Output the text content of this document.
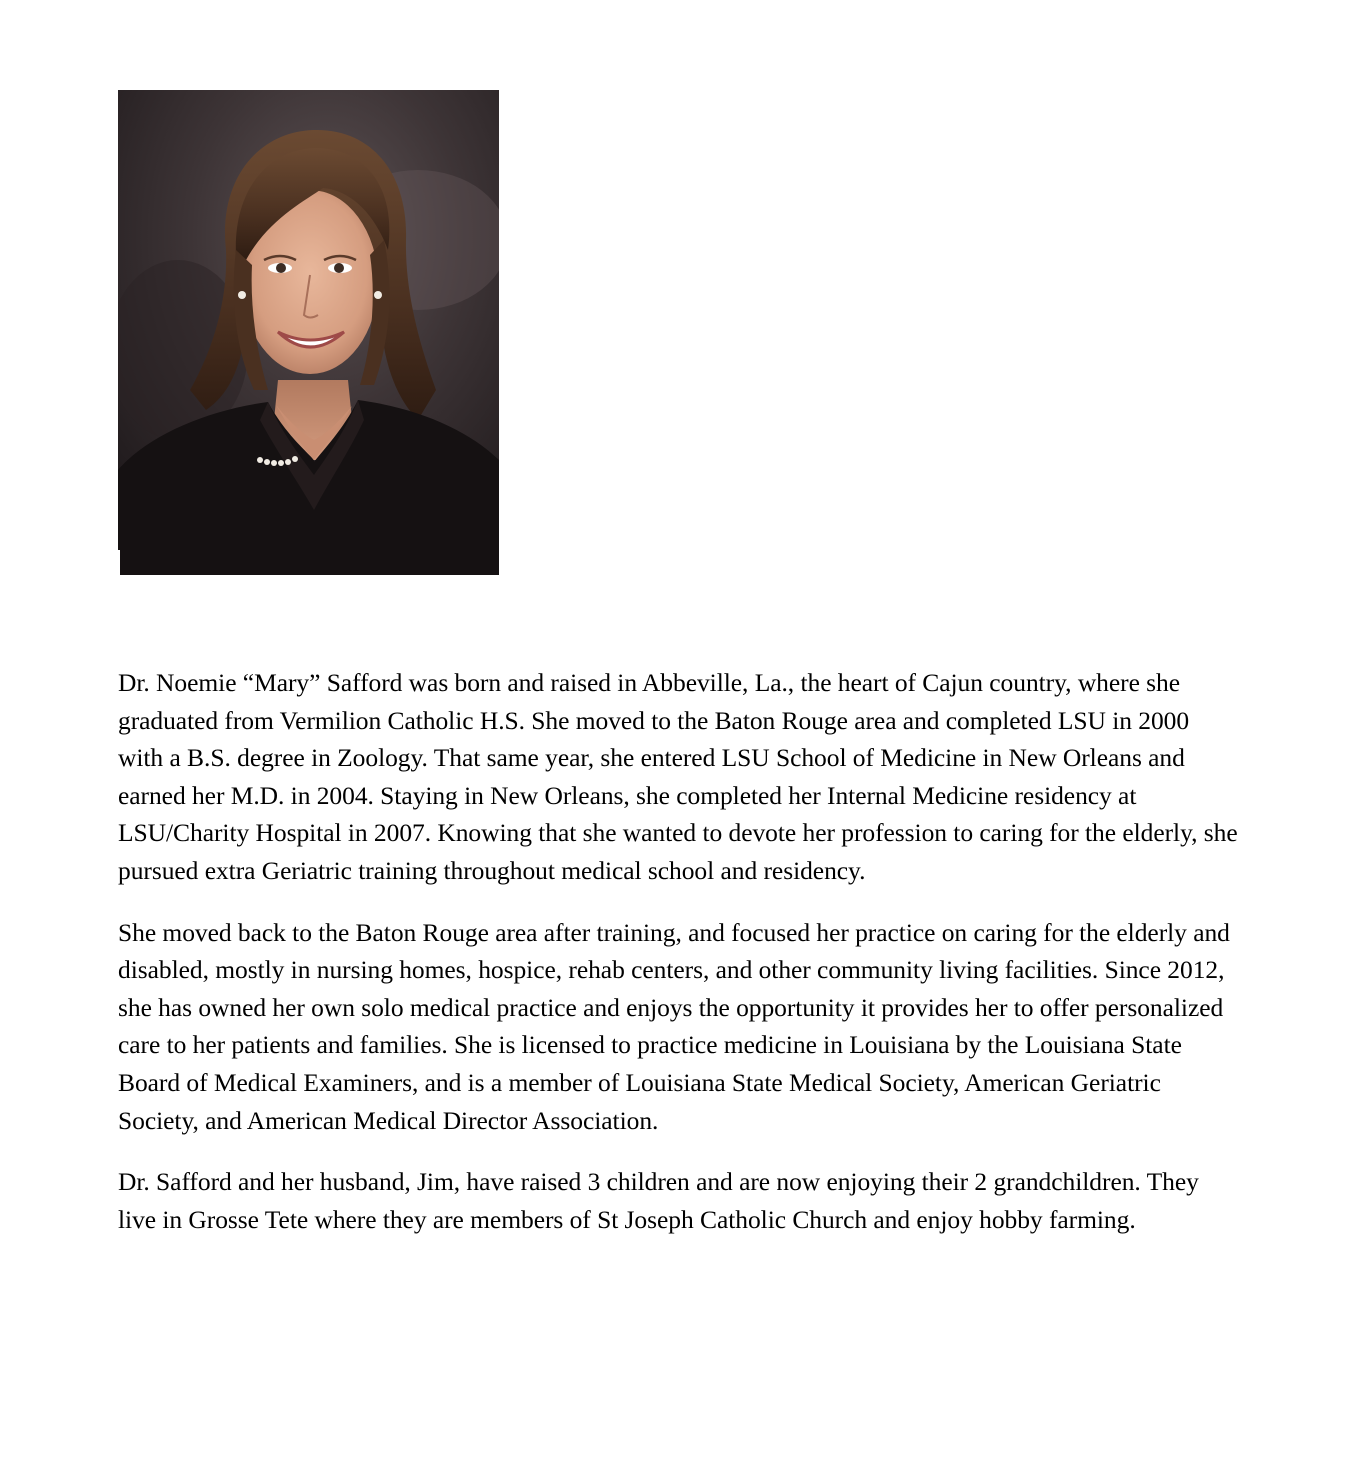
Dr. Noemie “Mary” Safford was born and raised in Abbeville, La., the heart of Cajun country, where she graduated from Vermilion Catholic H.S. She moved to the Baton Rouge area and completed LSU in 2000 with a B.S. degree in Zoology. That same year, she entered LSU School of Medicine in New Orleans and earned her M.D. in 2004. Staying in New Orleans, she completed her Internal Medicine residency at LSU/Charity Hospital in 2007. Knowing that she wanted to devote her profession to caring for the elderly, she pursued extra Geriatric training throughout medical school and residency.

She moved back to the Baton Rouge area after training, and focused her practice on caring for the elderly and disabled, mostly in nursing homes, hospice, rehab centers, and other community living facilities. Since 2012, she has owned her own solo medical practice and enjoys the opportunity it provides her to offer personalized care to her patients and families. She is licensed to practice medicine in Louisiana by the Louisiana State Board of Medical Examiners, and is a member of Louisiana State Medical Society, American Geriatric Society, and American Medical Director Association.

Dr. Safford and her husband, Jim, have raised 3 children and are now enjoying their 2 grandchildren. They live in Grosse Tete where they are members of St Joseph Catholic Church and enjoy hobby farming.
